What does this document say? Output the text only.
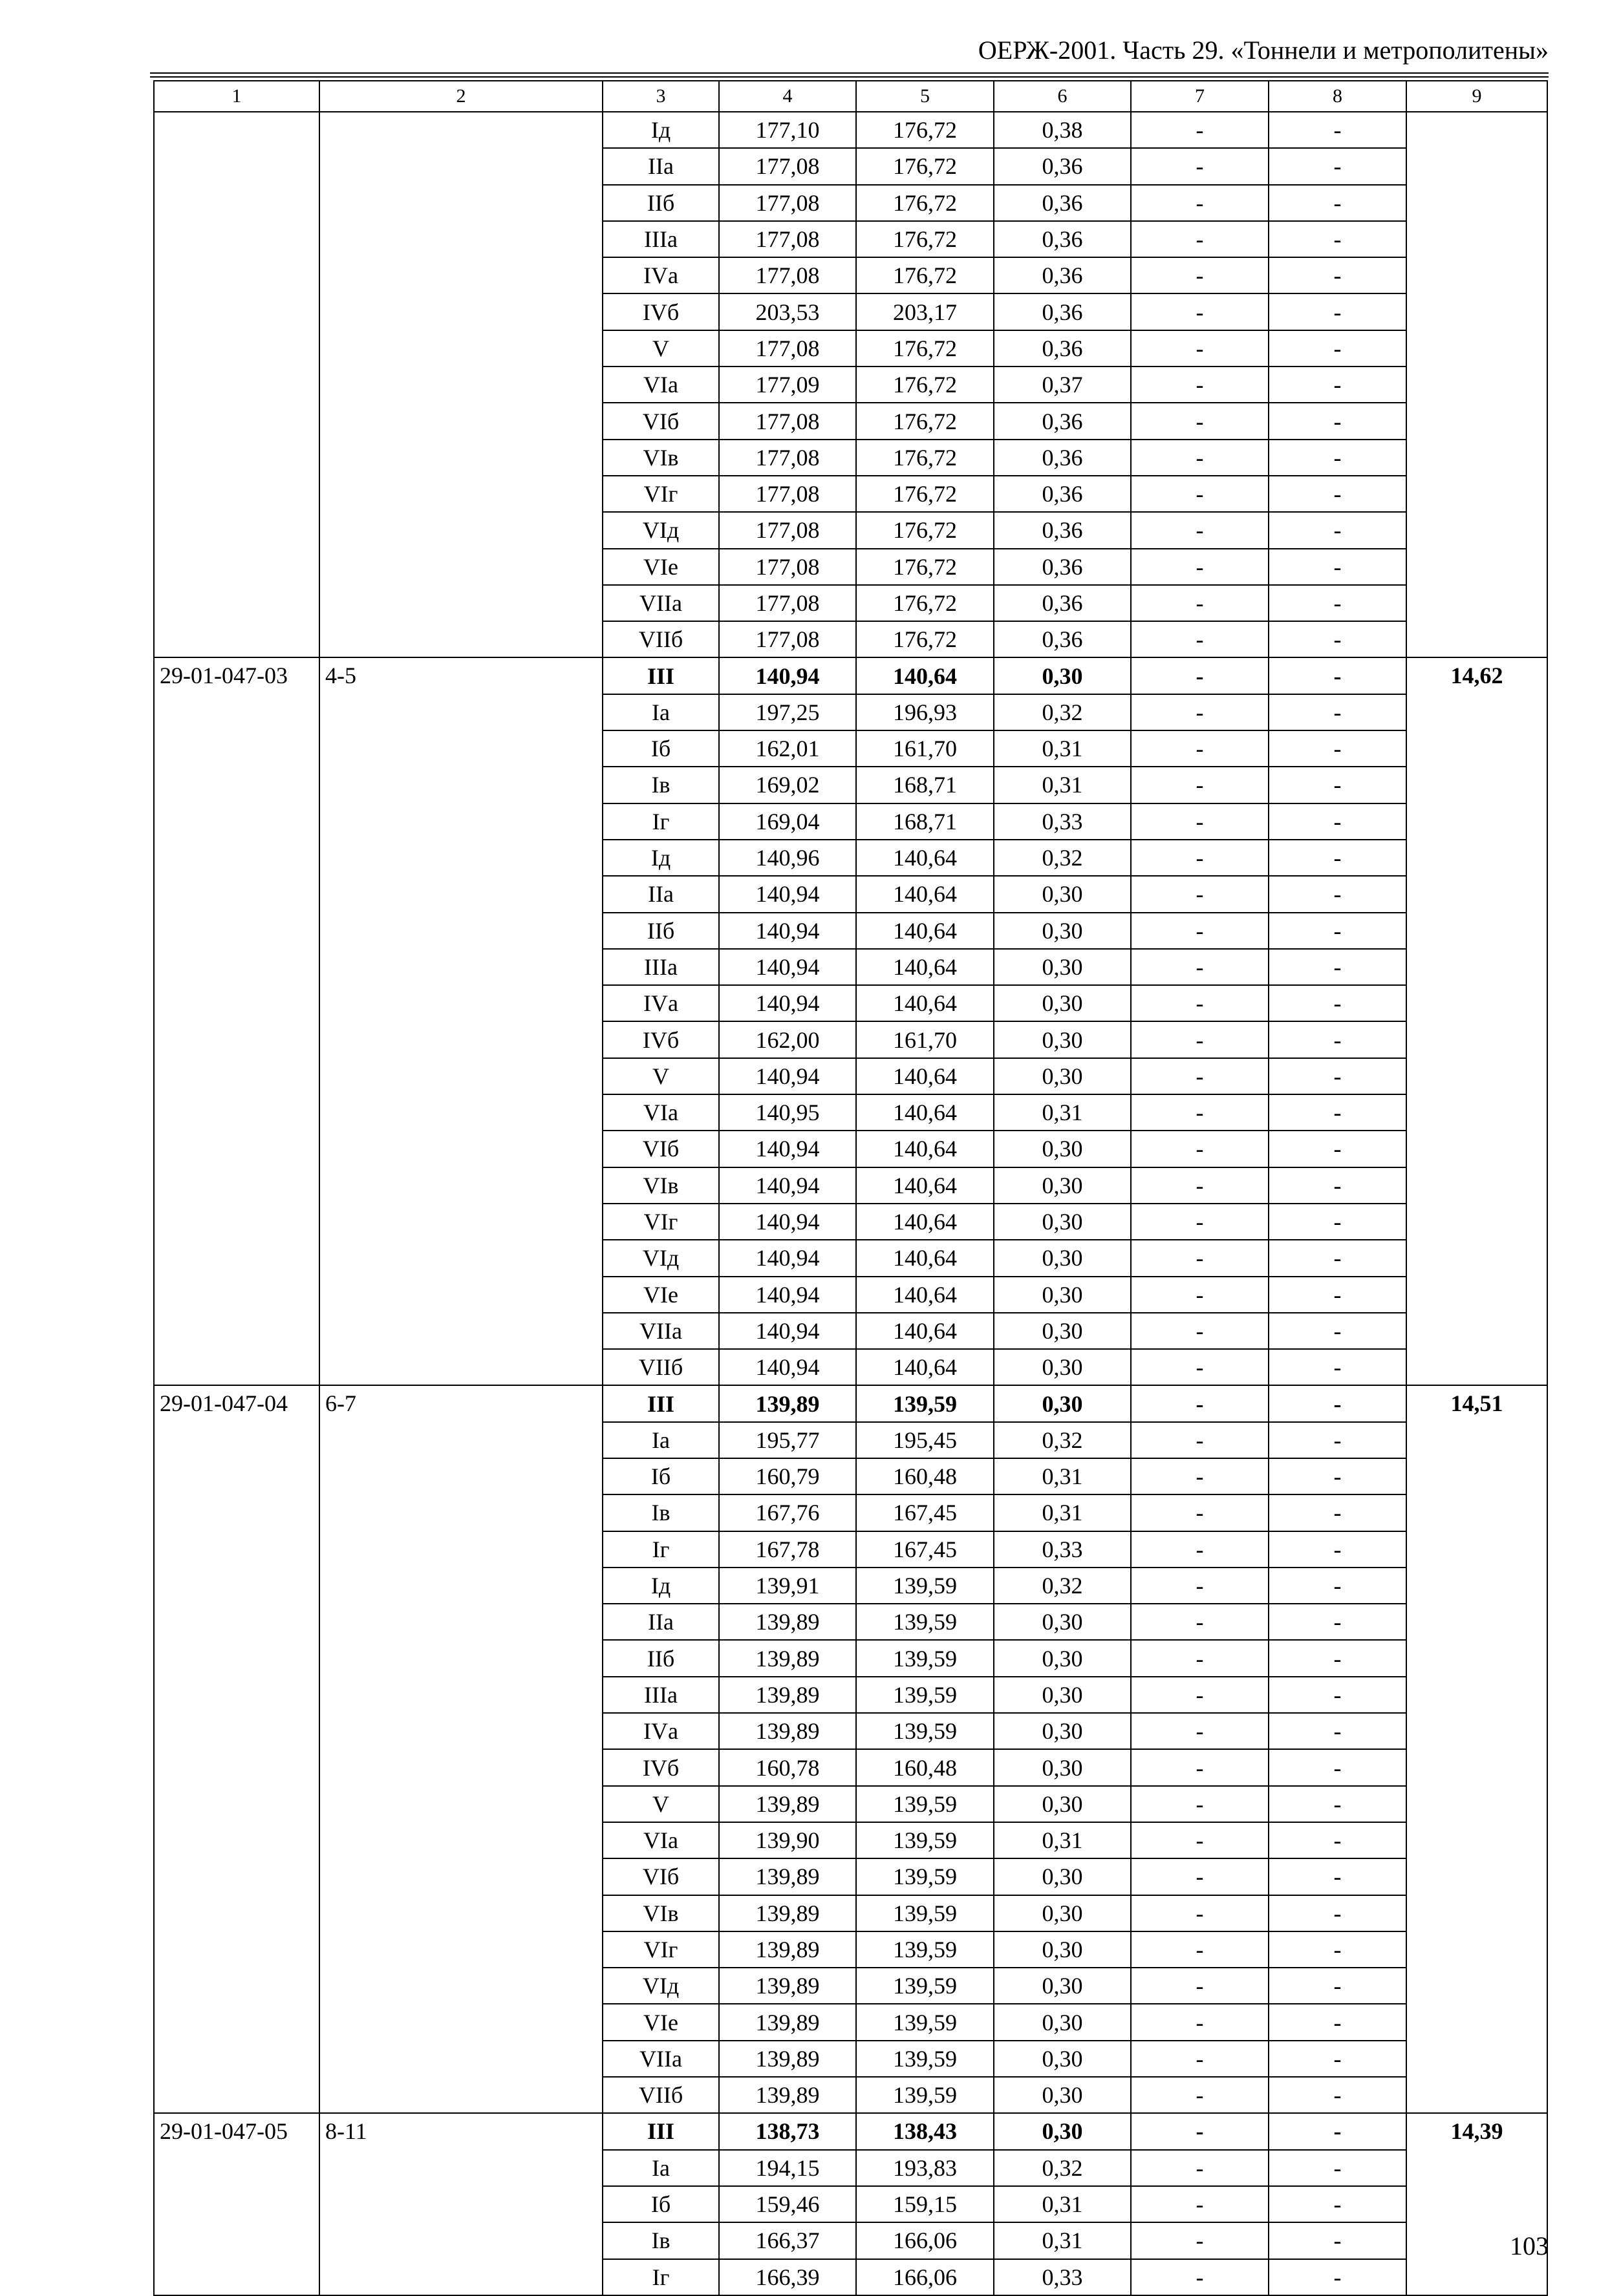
ОЕРЖ-2001. Часть 29. «Тоннели и метрополитены»
1	2	3	4	5	6	7	8	9
		Iд	177,10	176,72	0,38	-	-	
		IIа	177,08	176,72	0,36	-	-	
		IIб	177,08	176,72	0,36	-	-	
		IIIа	177,08	176,72	0,36	-	-	
		IVа	177,08	176,72	0,36	-	-	
		IVб	203,53	203,17	0,36	-	-	
		V	177,08	176,72	0,36	-	-	
		VIа	177,09	176,72	0,37	-	-	
		VIб	177,08	176,72	0,36	-	-	
		VIв	177,08	176,72	0,36	-	-	
		VIг	177,08	176,72	0,36	-	-	
		VIд	177,08	176,72	0,36	-	-	
		VIе	177,08	176,72	0,36	-	-	
		VIIа	177,08	176,72	0,36	-	-	
		VIIб	177,08	176,72	0,36	-	-	
29-01-047-03	4-5	III	140,94	140,64	0,30	-	-	14,62
		Iа	197,25	196,93	0,32	-	-	
		Iб	162,01	161,70	0,31	-	-	
		Iв	169,02	168,71	0,31	-	-	
		Iг	169,04	168,71	0,33	-	-	
		Iд	140,96	140,64	0,32	-	-	
		IIа	140,94	140,64	0,30	-	-	
		IIб	140,94	140,64	0,30	-	-	
		IIIа	140,94	140,64	0,30	-	-	
		IVа	140,94	140,64	0,30	-	-	
		IVб	162,00	161,70	0,30	-	-	
		V	140,94	140,64	0,30	-	-	
		VIа	140,95	140,64	0,31	-	-	
		VIб	140,94	140,64	0,30	-	-	
		VIв	140,94	140,64	0,30	-	-	
		VIг	140,94	140,64	0,30	-	-	
		VIд	140,94	140,64	0,30	-	-	
		VIе	140,94	140,64	0,30	-	-	
		VIIа	140,94	140,64	0,30	-	-	
		VIIб	140,94	140,64	0,30	-	-	
29-01-047-04	6-7	III	139,89	139,59	0,30	-	-	14,51
		Iа	195,77	195,45	0,32	-	-	
		Iб	160,79	160,48	0,31	-	-	
		Iв	167,76	167,45	0,31	-	-	
		Iг	167,78	167,45	0,33	-	-	
		Iд	139,91	139,59	0,32	-	-	
		IIа	139,89	139,59	0,30	-	-	
		IIб	139,89	139,59	0,30	-	-	
		IIIа	139,89	139,59	0,30	-	-	
		IVа	139,89	139,59	0,30	-	-	
		IVб	160,78	160,48	0,30	-	-	
		V	139,89	139,59	0,30	-	-	
		VIа	139,90	139,59	0,31	-	-	
		VIб	139,89	139,59	0,30	-	-	
		VIв	139,89	139,59	0,30	-	-	
		VIг	139,89	139,59	0,30	-	-	
		VIд	139,89	139,59	0,30	-	-	
		VIе	139,89	139,59	0,30	-	-	
		VIIа	139,89	139,59	0,30	-	-	
		VIIб	139,89	139,59	0,30	-	-	
29-01-047-05	8-11	III	138,73	138,43	0,30	-	-	14,39
		Iа	194,15	193,83	0,32	-	-	
		Iб	159,46	159,15	0,31	-	-	
		Iв	166,37	166,06	0,31	-	-	
		Iг	166,39	166,06	0,33	-	-	
103
